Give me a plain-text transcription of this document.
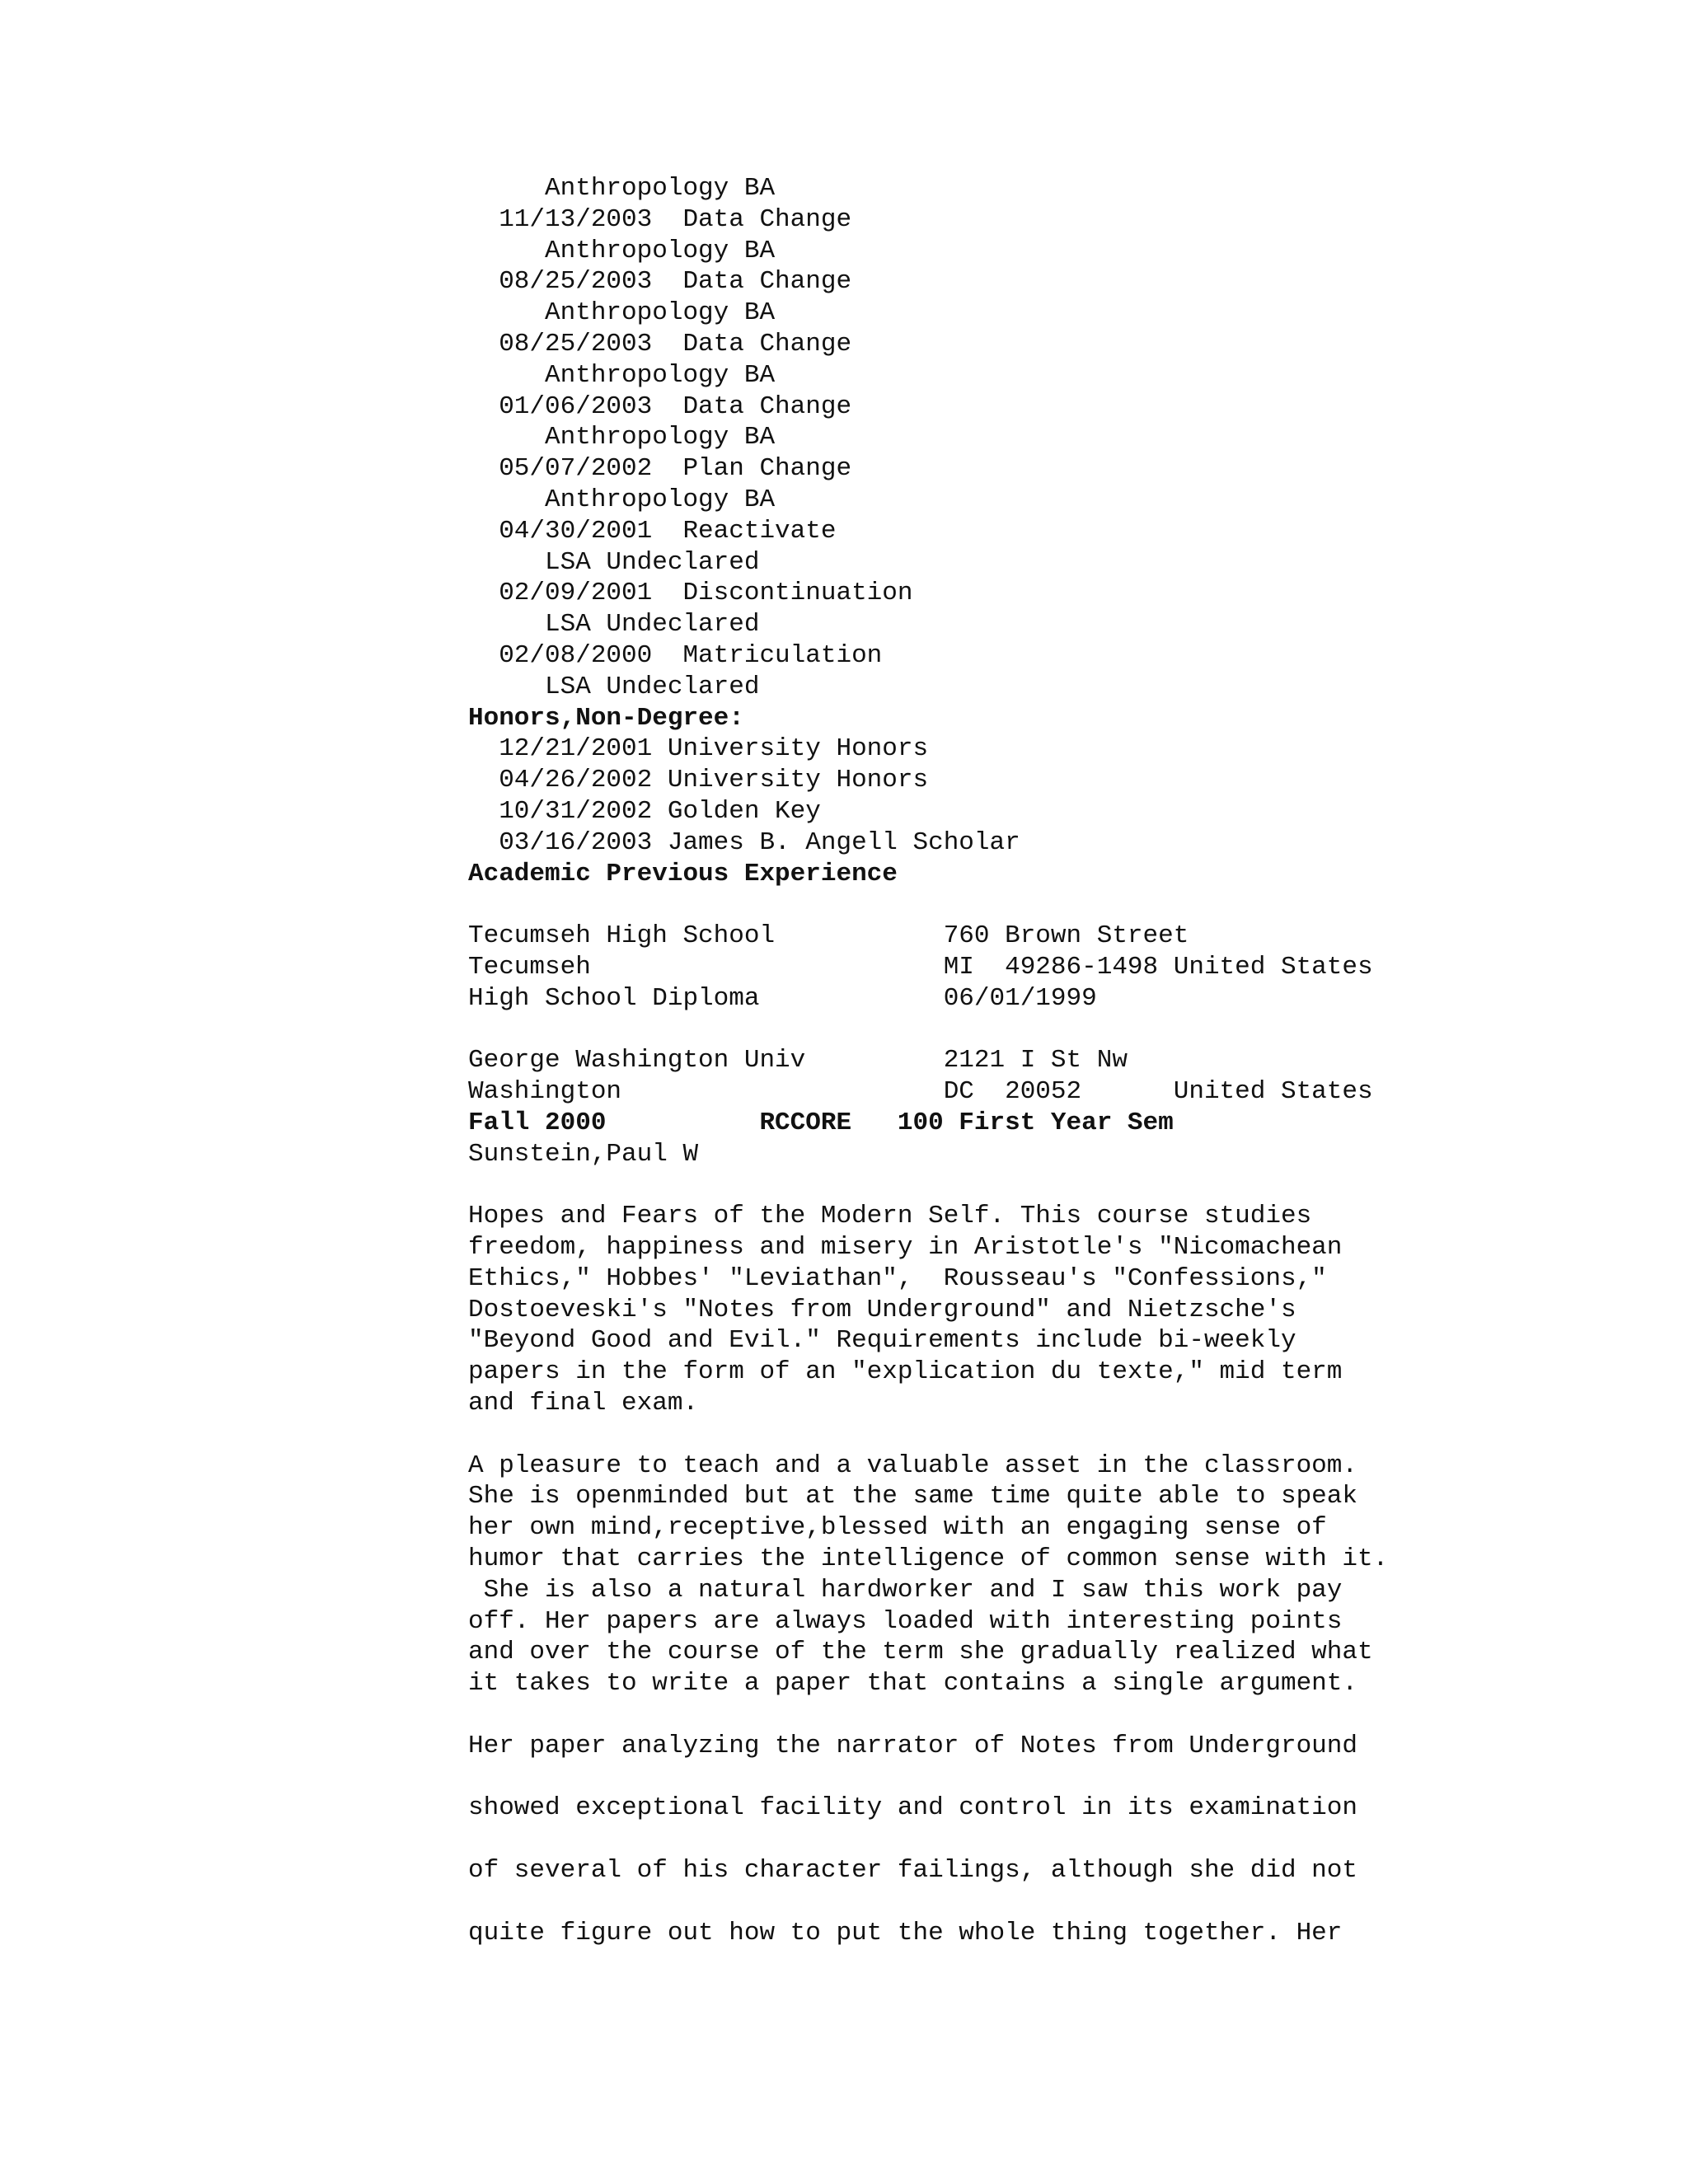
Anthropology BA
11/13/2003  Data Change
Anthropology BA
08/25/2003  Data Change
Anthropology BA
08/25/2003  Data Change
Anthropology BA
01/06/2003  Data Change
Anthropology BA
05/07/2002  Plan Change
Anthropology BA
04/30/2001  Reactivate
LSA Undeclared
02/09/2001  Discontinuation
LSA Undeclared
02/08/2000  Matriculation
LSA Undeclared
Honors,Non-Degree:
12/21/2001 University Honors
04/26/2002 University Honors
10/31/2002 Golden Key
03/16/2003 James B. Angell Scholar
Academic Previous Experience
Tecumseh High School           760 Brown Street
Tecumseh                       MI  49286-1498 United States
High School Diploma            06/01/1999
George Washington Univ         2121 I St Nw
Washington                     DC  20052      United States
Fall 2000          RCCORE   100 First Year Sem
Sunstein,Paul W
Hopes and Fears of the Modern Self. This course studies
freedom, happiness and misery in Aristotle's "Nicomachean
Ethics," Hobbes' "Leviathan",  Rousseau's "Confessions,"
Dostoeveski's "Notes from Underground" and Nietzsche's
"Beyond Good and Evil." Requirements include bi-weekly
papers in the form of an "explication du texte," mid term
and final exam.
A pleasure to teach and a valuable asset in the classroom.
She is openminded but at the same time quite able to speak
her own mind,receptive,blessed with an engaging sense of
humor that carries the intelligence of common sense with it.
She is also a natural hardworker and I saw this work pay
off. Her papers are always loaded with interesting points
and over the course of the term she gradually realized what
it takes to write a paper that contains a single argument.
Her paper analyzing the narrator of Notes from Underground
showed exceptional facility and control in its examination
of several of his character failings, although she did not
quite figure out how to put the whole thing together. Her
